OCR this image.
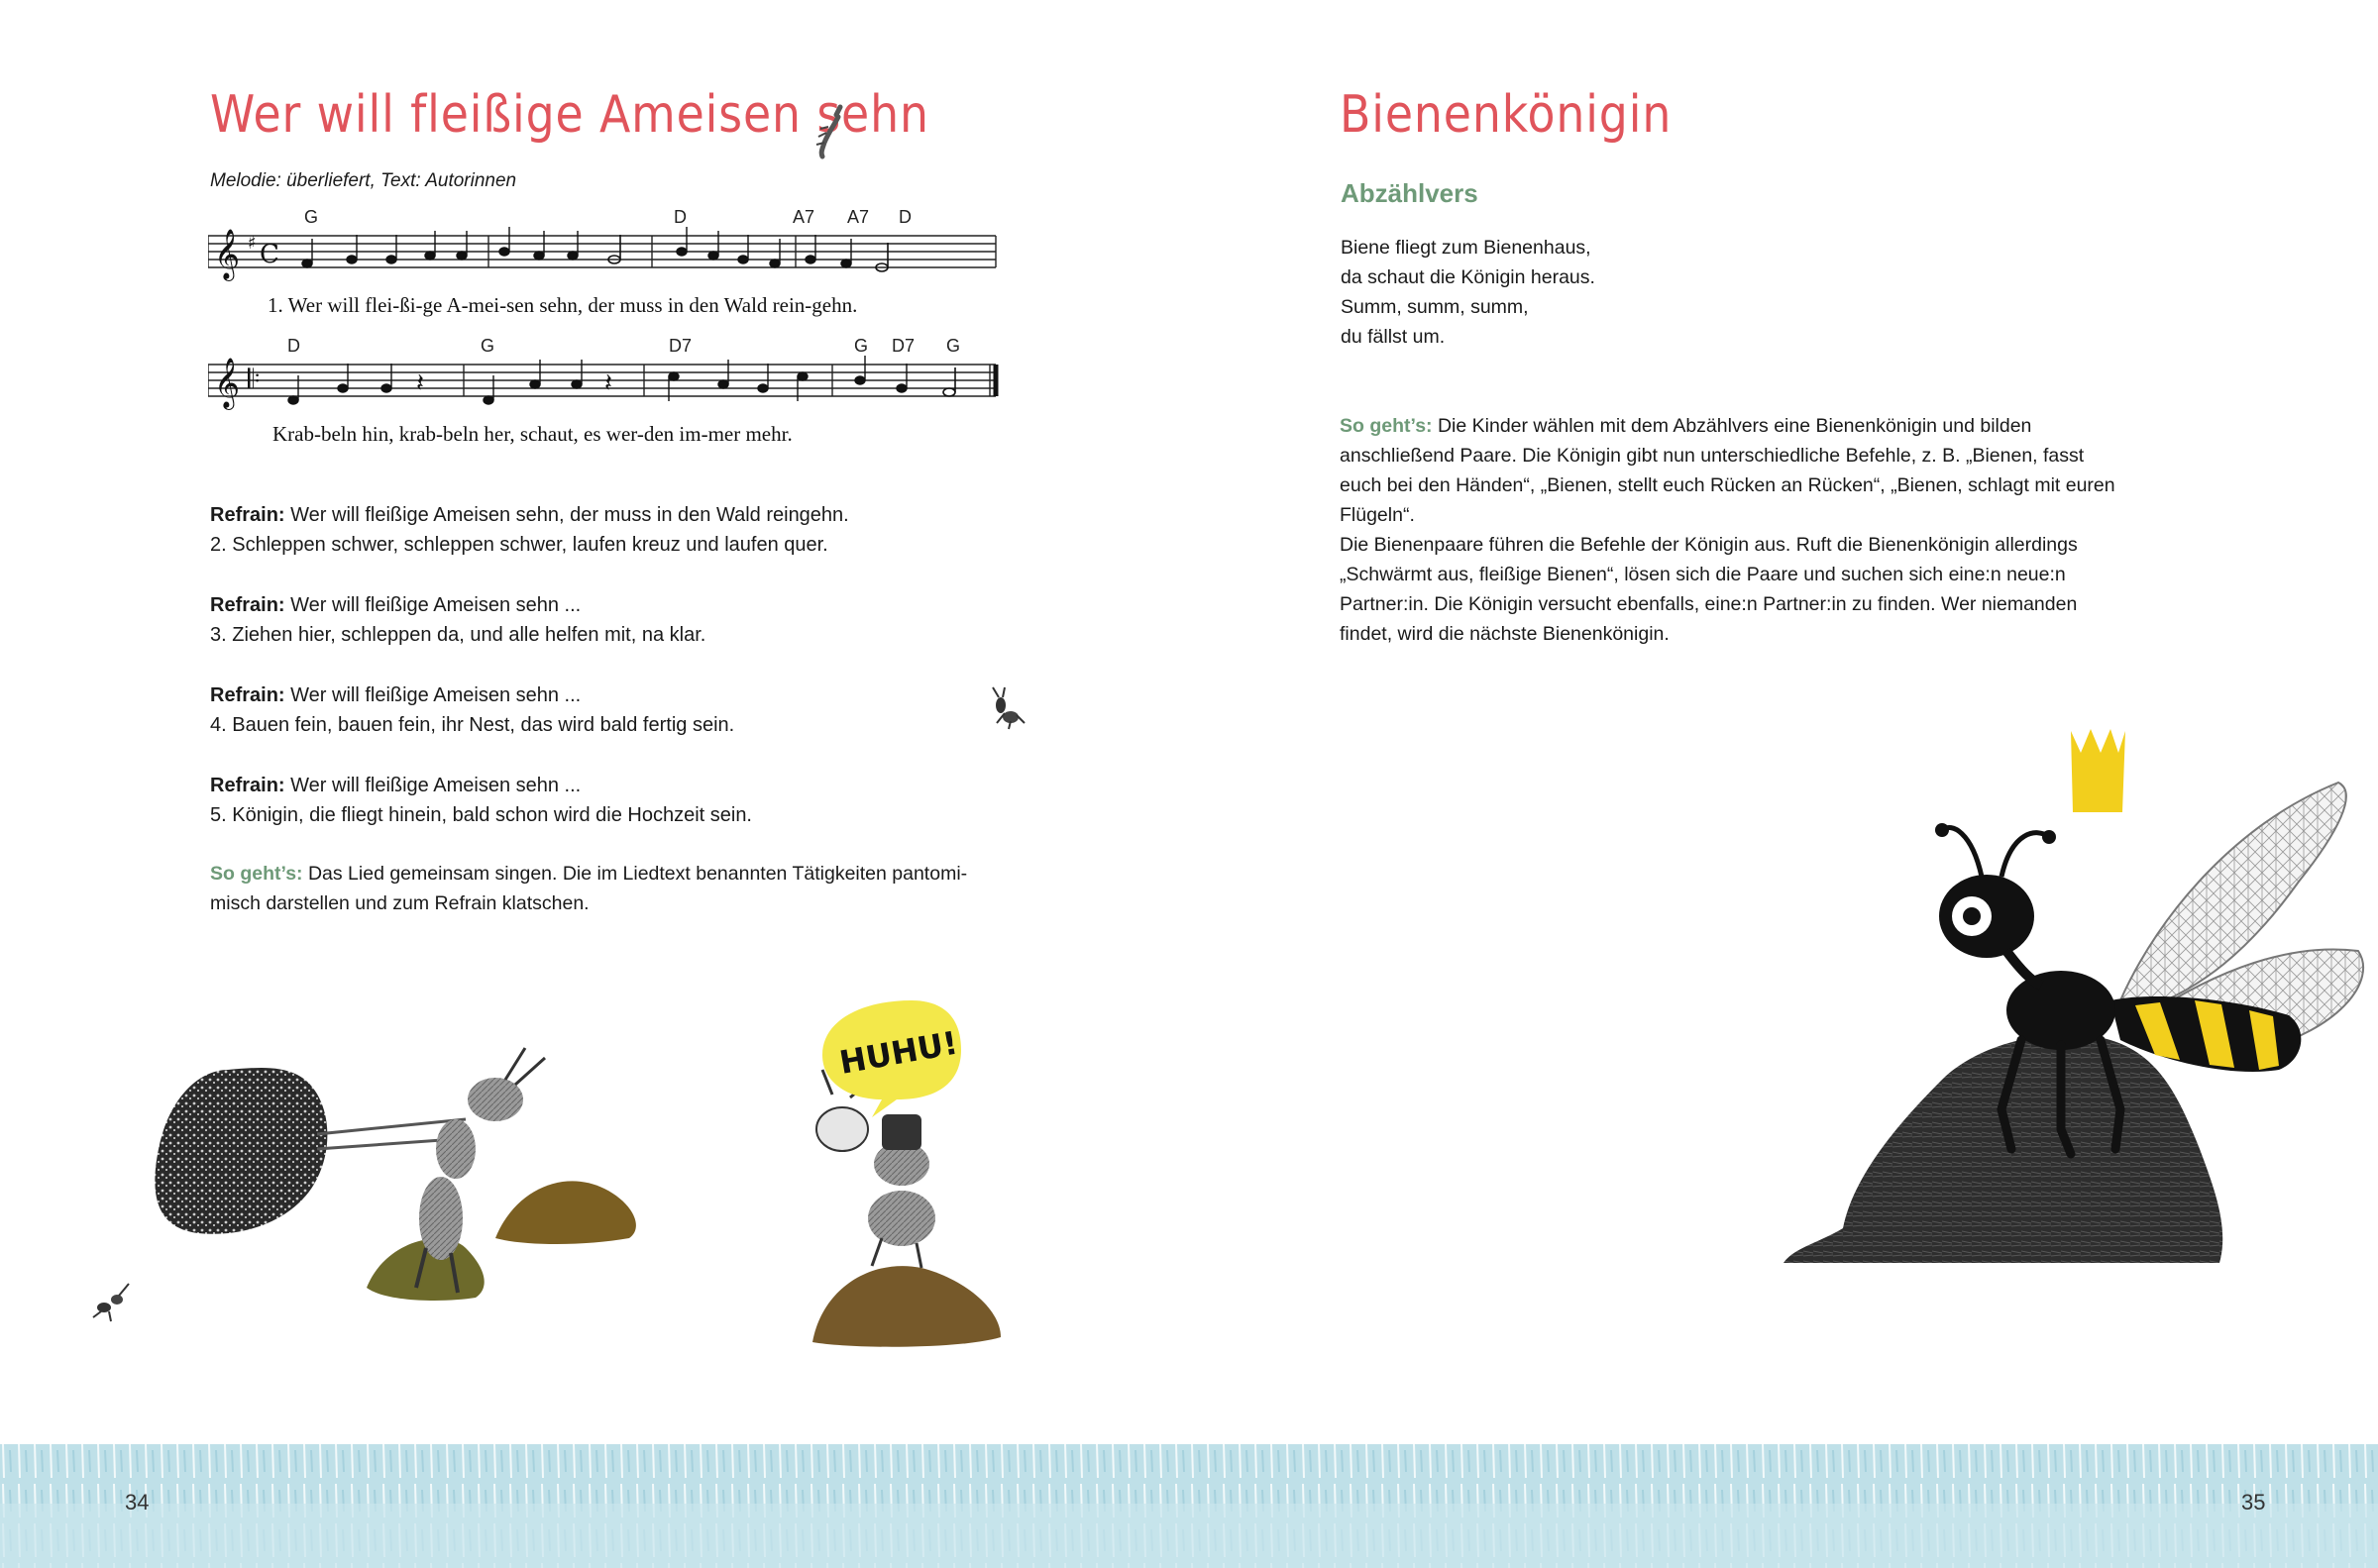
Wer will fleißige Ameisen sehn
Melodie: überliefert, Text: Autorinnen
G	D	A7 A7 D
𝄞 ♯ C
1. Wer will flei-ßi-ge A-mei-sen sehn, der muss in den Wald rein-gehn.
D	G	D7	G D7 G
𝄞 𝄆	𝄽	𝄽
Krab-beln hin, krab-beln her, schaut, es wer-den im-mer mehr.
Refrain: Wer will fleißige Ameisen sehn, der muss in den Wald reingehn.
2. Schleppen schwer, schleppen schwer, laufen kreuz und laufen quer.
Refrain: Wer will fleißige Ameisen sehn ...
3. Ziehen hier, schleppen da, und alle helfen mit, na klar.
Refrain: Wer will fleißige Ameisen sehn ...
4. Bauen fein, bauen fein, ihr Nest, das wird bald fertig sein.
Refrain: Wer will fleißige Ameisen sehn ...
5. Königin, die fliegt hinein, bald schon wird die Hochzeit sein.
So geht’s: Das Lied gemeinsam singen. Die im Liedtext benannten Tätigkeiten pantomi-
misch darstellen und zum Refrain klatschen.
HUHU!
34
Bienenkönigin
Abzählvers
Biene fliegt zum Bienenhaus,
da schaut die Königin heraus.
Summ, summ, summ,
du fällst um.
So geht’s: Die Kinder wählen mit dem Abzählvers eine Bienenkönigin und bilden
anschließend Paare. Die Königin gibt nun unterschiedliche Befehle, z. B. „Bienen, fasst
euch bei den Händen“, „Bienen, stellt euch Rücken an Rücken“, „Bienen, schlagt mit euren
Flügeln“.
Die Bienenpaare führen die Befehle der Königin aus. Ruft die Bienenkönigin allerdings
„Schwärmt aus, fleißige Bienen“, lösen sich die Paare und suchen sich eine:n neue:n
Partner:in. Die Königin versucht ebenfalls, eine:n Partner:in zu finden. Wer niemanden
findet, wird die nächste Bienenkönigin.
35
